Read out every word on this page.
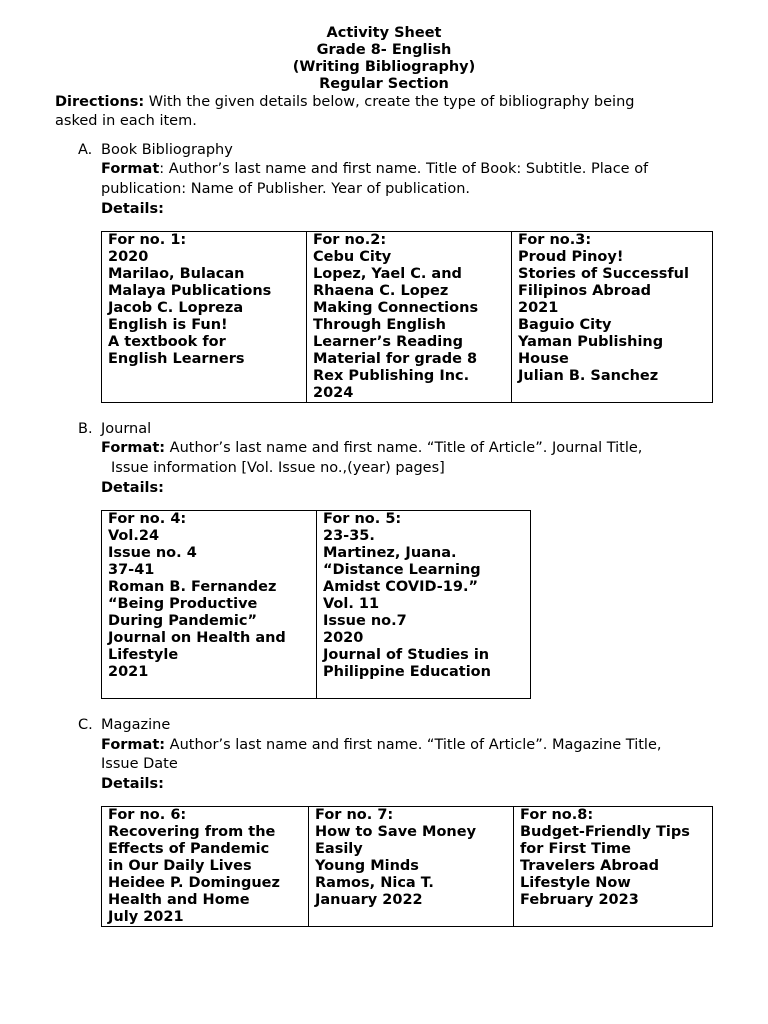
Activity Sheet
Grade 8- English
(Writing Bibliography)
Regular Section
Directions: With the given details below, create the type of bibliography being
asked in each item.
A. Book Bibliography
Format: Author’s last name and first name. Title of Book: Subtitle. Place of
publication: Name of Publisher. Year of publication.
Details:
For no. 1:
2020
Marilao, Bulacan
Malaya Publications
Jacob C. Lopreza
English is Fun!
A textbook for
English Learners

For no.2:
Cebu City
Lopez, Yael C. and
Rhaena C. Lopez
Making Connections
Through English
Learner’s Reading
Material for grade 8
Rex Publishing Inc.
2024

For no.3:
Proud Pinoy!
Stories of Successful
Filipinos Abroad
2021
Baguio City
Yaman Publishing
House
Julian B. Sanchez
B. Journal
Format: Author’s last name and first name. “Title of Article”. Journal Title,
Issue information [Vol. Issue no.,(year) pages]
Details:
For no. 4:
Vol.24
Issue no. 4
37-41
Roman B. Fernandez
“Being Productive
During Pandemic”
Journal on Health and
Lifestyle
2021

For no. 5:
23-35.
Martinez, Juana.
“Distance Learning
Amidst COVID-19.”
Vol. 11
Issue no.7
2020
Journal of Studies in
Philippine Education
C. Magazine
Format: Author’s last name and first name. “Title of Article”. Magazine Title,
Issue Date
Details:
For no. 6:
Recovering from the
Effects of Pandemic
in Our Daily Lives
Heidee P. Dominguez
Health and Home
July 2021

For no. 7:
How to Save Money
Easily
Young Minds
Ramos, Nica T.
January 2022

For no.8:
Budget-Friendly Tips
for First Time
Travelers Abroad
Lifestyle Now
February 2023
